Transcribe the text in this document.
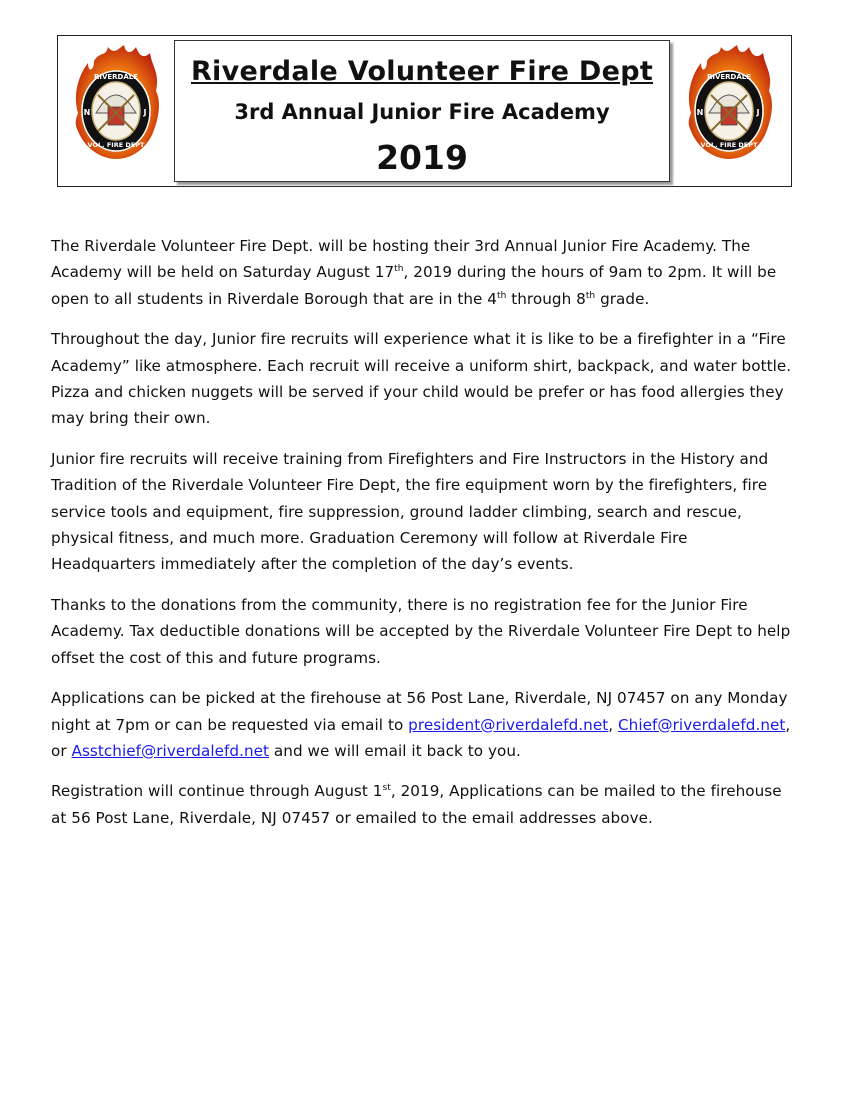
RIVERDALE
N	J
VOL. FIRE DEPT
RIVERDALE
N	J
VOL. FIRE DEPT
Riverdale Volunteer Fire Dept
3rd Annual Junior Fire Academy
2019

The Riverdale Volunteer Fire Dept. will be hosting their 3rd Annual Junior Fire Academy. The Academy will be held on Saturday August 17th, 2019 during the hours of 9am to 2pm. It will be open to all students in Riverdale Borough that are in the 4th through 8th grade.

Throughout the day, Junior fire recruits will experience what it is like to be a firefighter in a “Fire Academy” like atmosphere. Each recruit will receive a uniform shirt, backpack, and water bottle. Pizza and chicken nuggets will be served if your child would be prefer or has food allergies they may bring their own.

Junior fire recruits will receive training from Firefighters and Fire Instructors in the History and Tradition of the Riverdale Volunteer Fire Dept, the fire equipment worn by the firefighters, fire service tools and equipment, fire suppression, ground ladder climbing, search and rescue, physical fitness, and much more. Graduation Ceremony will follow at Riverdale Fire Headquarters immediately after the completion of the day’s events.

Thanks to the donations from the community, there is no registration fee for the Junior Fire Academy. Tax deductible donations will be accepted by the Riverdale Volunteer Fire Dept to help offset the cost of this and future programs.

Applications can be picked at the firehouse at 56 Post Lane, Riverdale, NJ 07457 on any Monday night at 7pm or can be requested via email to president@riverdalefd.net, Chief@riverdalefd.net, or Asstchief@riverdalefd.net and we will email it back to you.

Registration will continue through August 1st, 2019, Applications can be mailed to the firehouse at 56 Post Lane, Riverdale, NJ 07457 or emailed to the email addresses above.
